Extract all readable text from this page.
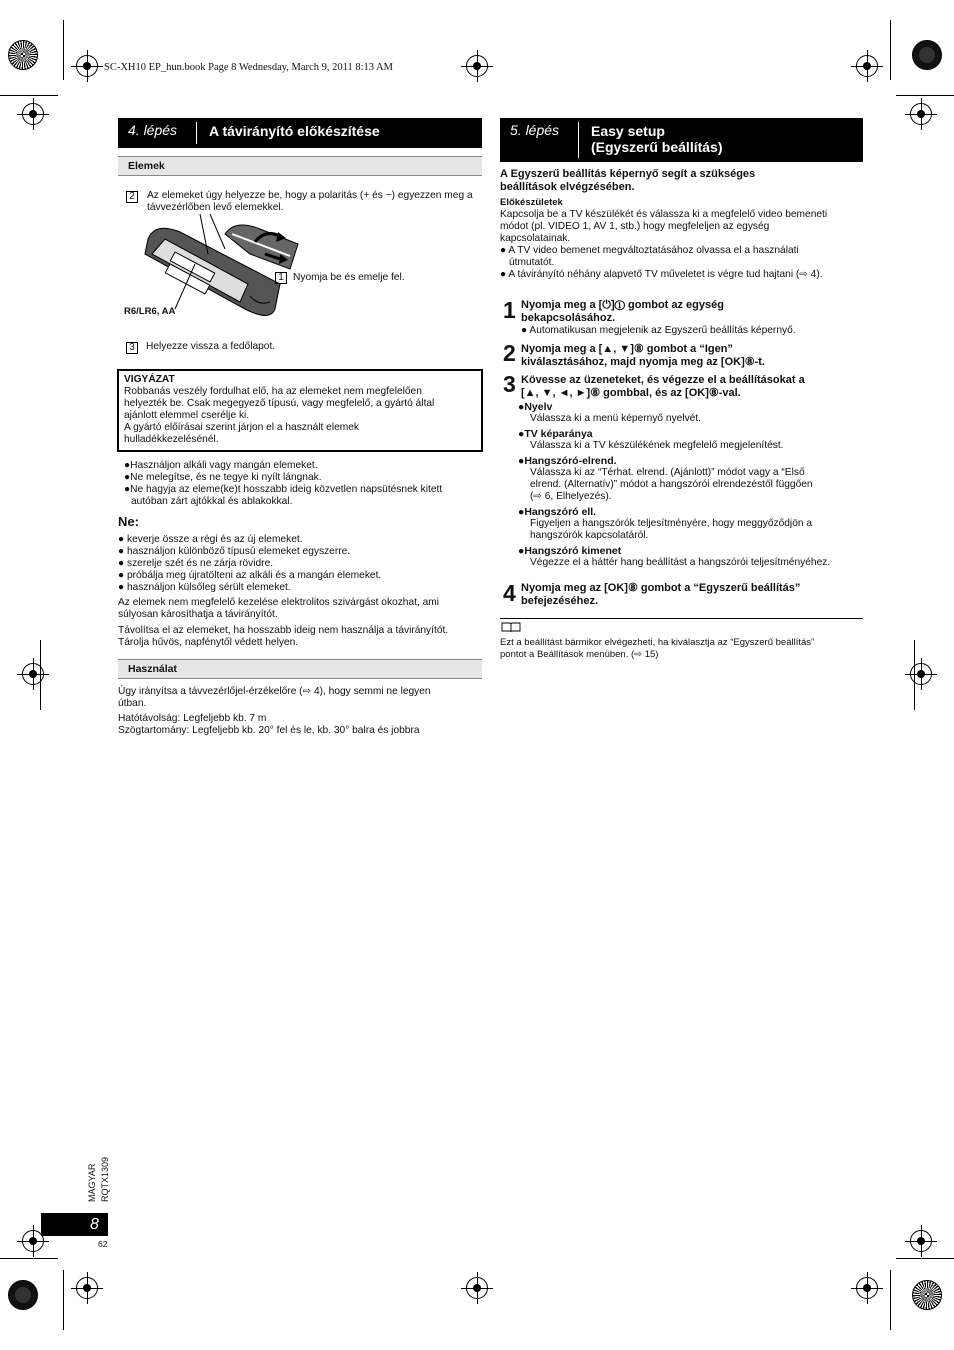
SC-XH10 EP_hun.book Page 8 Wednesday, March 9, 2011 8:13 AM
4. lépés A távirányító előkészítése
Elemek
2	Az elemeket úgy helyezze be, hogy a polaritás (+ és −) egyezzen meg a távvezérlőben levő elemekkel.
1 Nyomja be és emelje fel.
R6/LR6, AA
3	Helyezze vissza a fedőlapot.
VIGYÁZAT
Robbanás veszély fordulhat elő, ha az elemeket nem megfelelően
helyezték be. Csak megegyező típusú, vagy megfelelő, a gyártó által
ajánlott elemmel cserélje ki.
A gyártó előírásai szerint járjon el a használt elemek
hulladékkezelésénél.
●Használjon alkáli vagy mangán elemeket.
●Ne melegítse, és ne tegye ki nyílt lángnak.
●Ne hagyja az eleme(ke)t hosszabb ideig közvetlen napsütésnek kitett
autóban zárt ajtókkal és ablakokkal.
Ne:
● keverje össze a régi és az új elemeket.
● használjon különböző típusú elemeket egyszerre.
● szerelje szét és ne zárja rövidre.
● próbálja meg újratölteni az alkáli és a mangán elemeket.
● használjon külsőleg sérült elemeket.
Az elemek nem megfelelő kezelése elektrolitos szivárgást okozhat, ami
súlyosan károsíthatja a távirányítót.
Távolítsa el az elemeket, ha hosszabb ideig nem használja a távirányítót.
Tárolja hűvös, napfénytől védett helyen.
Használat
Úgy irányítsa a távvezérlőjel-érzékelőre (⇨ 4), hogy semmi ne legyen
útban.
Hatótávolság: Legfeljebb kb. 7 m
Szögtartomány: Legfeljebb kb. 20° fel és le, kb. 30° balra és jobbra
5. lépés Easy setup
(Egyszerű beállítás)
A Egyszerű beállítás képernyő segít a szükséges
beállítások elvégzésében.
Előkészületek
Kapcsolja be a TV készülékét és válassza ki a megfelelő video bemeneti
módot (pl. VIDEO 1, AV 1, stb.) hogy megfeleljen az egység
kapcsolatainak.
● A TV video bemenet megváltoztatásához olvassa el a használati
útmutatót.
● A távirányító néhány alapvető TV műveletet is végre tud hajtani (⇨ 4).
1 Nyomja meg a [⏻]① gombot az egység
bekapcsolásához.
● Automatikusan megjelenik az Egyszerű beállítás képernyő.
2 Nyomja meg a [▲, ▼]⑧ gombot a “Igen”
kiválasztásához, majd nyomja meg az [OK]⑧-t.
3 Kövesse az üzeneteket, és végezze el a beállításokat a
[▲, ▼, ◄, ►]⑧ gombbal, és az [OK]⑧-val.
●Nyelv
Válassza ki a menü képernyő nyelvét.
●TV képaránya
Válassza ki a TV készülékének megfelelő megjelenítést.
●Hangszóró-elrend.
Válassza ki az “Térhat. elrend. (Ajánlott)” módot vagy a “Első
elrend. (Alternatív)” módot a hangszórói elrendezéstől függően
(⇨ 6, Elhelyezés).
●Hangszóró ell.
Figyeljen a hangszórók teljesítményére, hogy meggyőződjön a
hangszórók kapcsolatáról.
●Hangszóró kimenet
Végezze el a háttér hang beállítást a hangszórói teljesítményéhez.
4 Nyomja meg az [OK]⑧ gombot a “Egyszerű beállítás”
befejezéséhez.
Ezt a beállítást bármikor elvégezheti, ha kiválasztja az “Egyszerű beállítás”
pontot a Beállítások menüben. (⇨ 15)
MAGYAR RQTX1309
8
62
